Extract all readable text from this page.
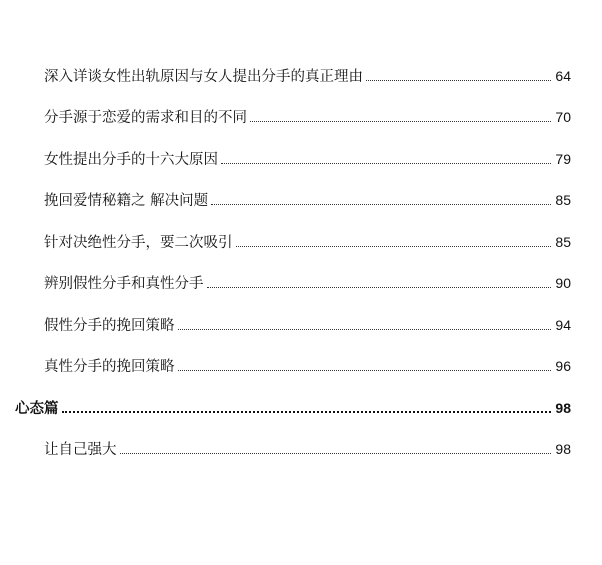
深入详谈女性出轨原因与女人提出分手的真正理由	64
分手源于恋爱的需求和目的不同	70
女性提出分手的十六大原因	79
挽回爱情秘籍之 解决问题	85
针对决绝性分手，要二次吸引	85
辨别假性分手和真性分手	90
假性分手的挽回策略	94
真性分手的挽回策略	96
心态篇	98
让自己强大	98
